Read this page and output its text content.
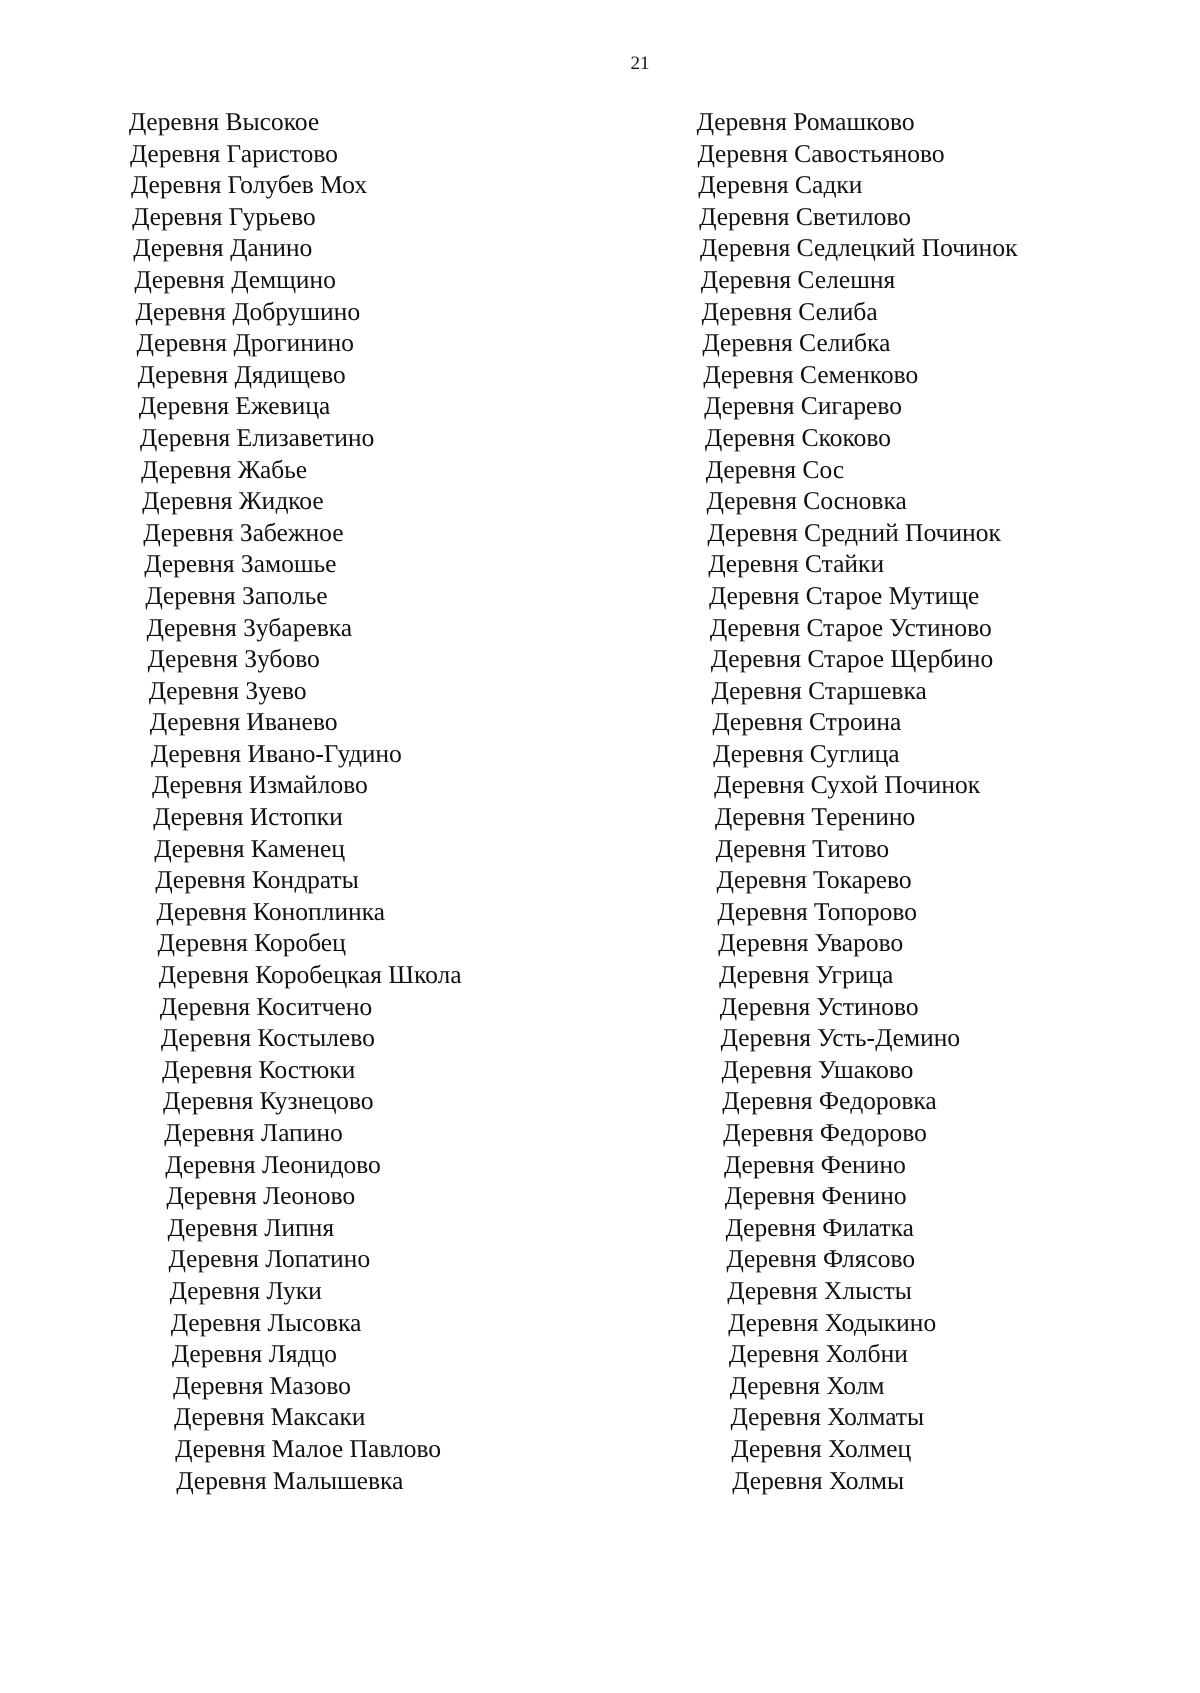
21
Деревня Высокое
Деревня Гаристово
Деревня Голубев Мох
Деревня Гурьево
Деревня Данино
Деревня Демщино
Деревня Добрушино
Деревня Дрогинино
Деревня Дядищево
Деревня Ежевица
Деревня Елизаветино
Деревня Жабье
Деревня Жидкое
Деревня Забежное
Деревня Замошье
Деревня Заполье
Деревня Зубаревка
Деревня Зубово
Деревня Зуево
Деревня Иванево
Деревня Ивано-Гудино
Деревня Измайлово
Деревня Истопки
Деревня Каменец
Деревня Кондраты
Деревня Коноплинка
Деревня Коробец
Деревня Коробецкая Школа
Деревня Коситчено
Деревня Костылево
Деревня Костюки
Деревня Кузнецово
Деревня Лапино
Деревня Леонидово
Деревня Леоново
Деревня Липня
Деревня Лопатино
Деревня Луки
Деревня Лысовка
Деревня Лядцо
Деревня Мазово
Деревня Максаки
Деревня Малое Павлово
Деревня Малышевка
Деревня Ромашково
Деревня Савостьяново
Деревня Садки
Деревня Светилово
Деревня Седлецкий Починок
Деревня Селешня
Деревня Селиба
Деревня Селибка
Деревня Семенково
Деревня Сигарево
Деревня Скоково
Деревня Сос
Деревня Сосновка
Деревня Средний Починок
Деревня Стайки
Деревня Старое Мутище
Деревня Старое Устиново
Деревня Старое Щербино
Деревня Старшевка
Деревня Строина
Деревня Суглица
Деревня Сухой Починок
Деревня Теренино
Деревня Титово
Деревня Токарево
Деревня Топорово
Деревня Уварово
Деревня Угрица
Деревня Устиново
Деревня Усть-Демино
Деревня Ушаково
Деревня Федоровка
Деревня Федорово
Деревня Фенино
Деревня Фенино
Деревня Филатка
Деревня Флясово
Деревня Хлысты
Деревня Ходыкино
Деревня Холбни
Деревня Холм
Деревня Холматы
Деревня Холмец
Деревня Холмы
